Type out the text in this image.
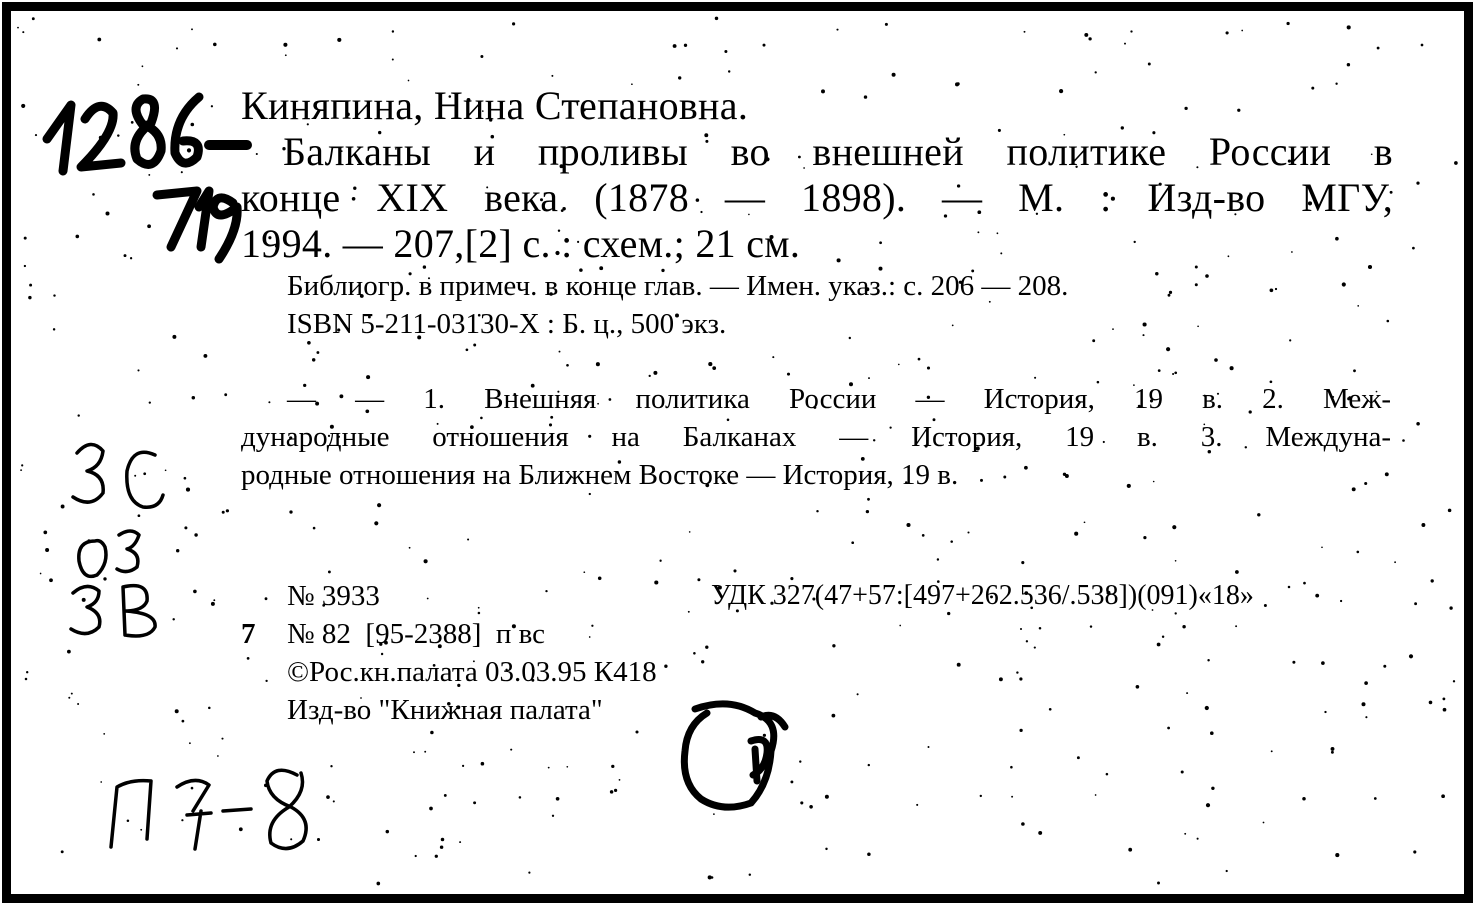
Киняпина, Нина Степановна.

Балканы и проливы во внешней политике России в

конце XIX века (1878 — 1898). — М. : Изд-во МГУ,

1994. — 207,[2] с. : схем.; 21 см.

Библиогр. в примеч. в конце глав. — Имен. указ.: с. 206 — 208.

ISBN 5-211-03130-X : Б. ц., 500 экз.

— — 1. Внешняя политика России — История, 19 в. 2. Меж-

дународные отношения на Балканах — История, 19 в. 3. Междуна-

родные отношения на Ближнем Востоке — История, 19 в.

№ 3933	УДК 327(47+57:[497+262.536/.538])(091)«18»

7 № 82  [95-2388]  п вс

©Рос.кн.палата 03.03.95 К418

Изд-во "Книжная палата"
